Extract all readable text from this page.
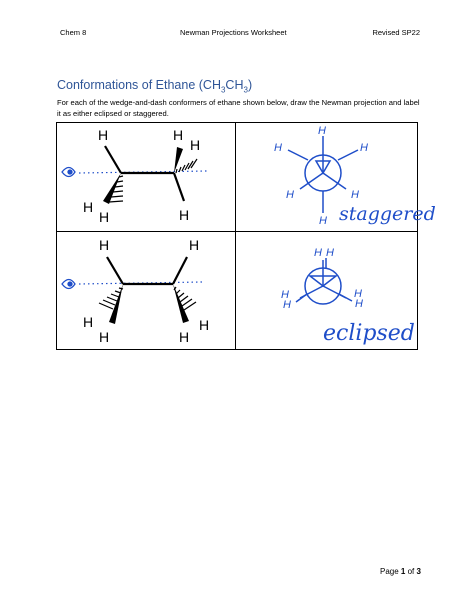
Chem 8	Newman Projections Worksheet	Revised SP22
Conformations of Ethane $(CH_3CH_3)$
For each of the wedge-and-dash conformers of ethane shown below, draw the Newman projection and label it as either eclipsed or staggered.
H	H
H
H
H	H
H
H	H
H	H
H staggered
H	H
H
H
H
H
H H
H
H
H
H
eclipsed
Page 1 of 3
